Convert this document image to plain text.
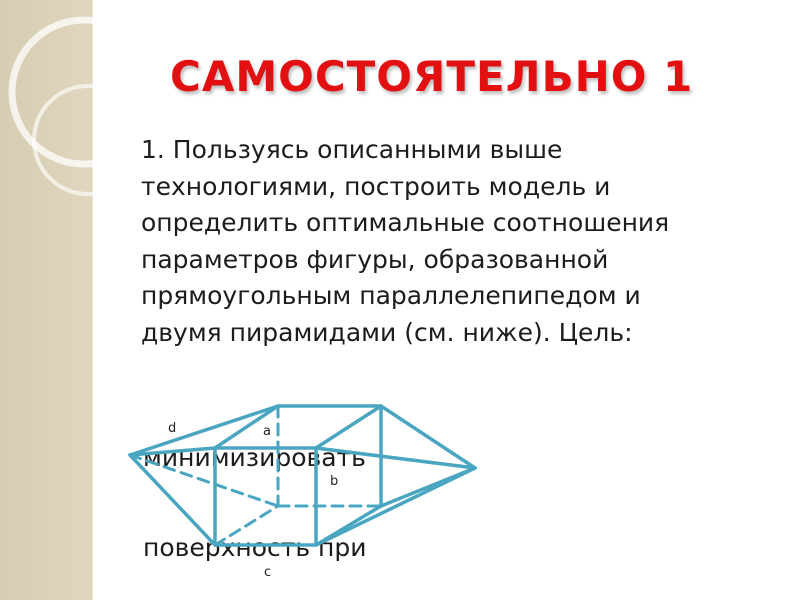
САМОСТОЯТЕЛЬНО 1
1. Пользуясь описанными выше
технологиями, построить модель и
определить оптимальные соотношения
параметров фигуры, образованной
прямоугольным параллелепипедом и
двумя пирамидами (см. ниже). Цель:
минимизировать
поверхность при
d	a
b
c
